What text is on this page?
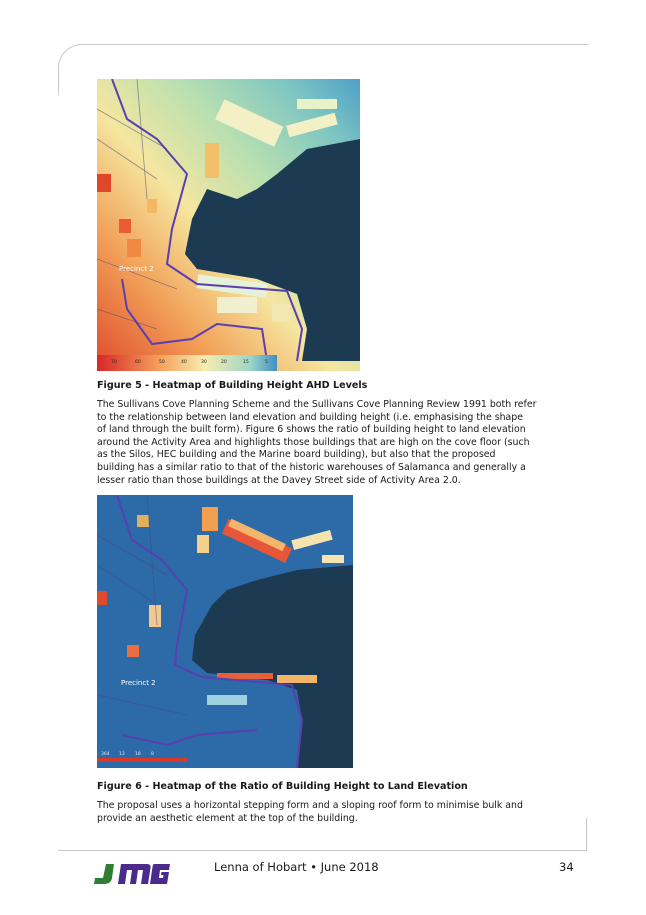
Precinct 2
70	60	50	40	30	20	15	5
Figure 5 - Heatmap of Building Height AHD Levels
The Sullivans Cove Planning Scheme and the Sullivans Cove Planning Review 1991 both refer
to the relationship between land elevation and building height (i.e. emphasising the shape
of land through the built form). Figure 6 shows the ratio of building height to land elevation
around the Activity Area and highlights those buildings that are high on the cove floor (such
as the Silos, HEC building and the Marine board building), but also that the proposed
building has a similar ratio to that of the historic warehouses of Salamanca and generally a
lesser ratio than those buildings at the Davey Street side of Activity Area 2.0.
Precinct 2
364 13 18 8
Figure 6 - Heatmap of the Ratio of Building Height to Land Elevation
The proposal uses a horizontal stepping form and a sloping roof form to minimise bulk and
provide an aesthetic element at the top of the building.
Lenna of Hobart • June 2018	34
